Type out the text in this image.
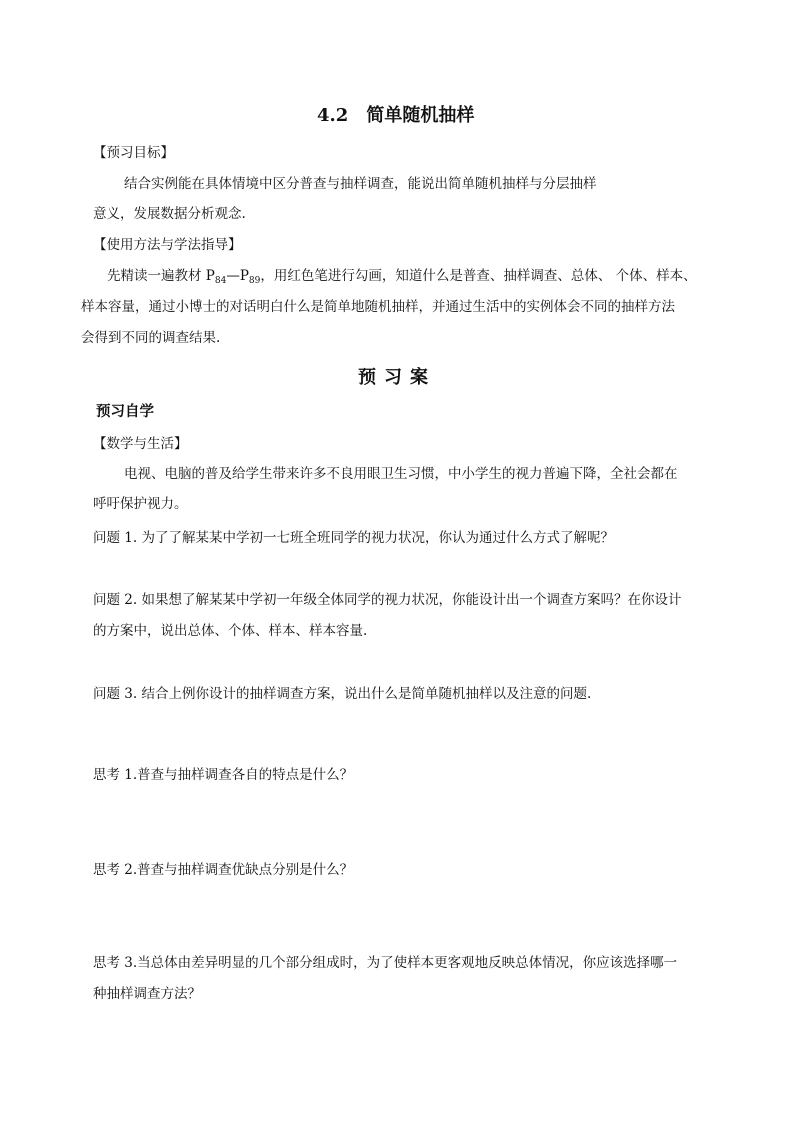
4.2　简单随机抽样
【预习目标】
结合实例能在具体情境中区分普查与抽样调查，能说出简单随机抽样与分层抽样
意义，发展数据分析观念.
【使用方法与学法指导】
先精读一遍教材 $P_{84}—P_{89}$，用红色笔进行勾画，知道什么是普查、抽样调查、总体、 个体、样本、
样本容量，通过小博士的对话明白什么是简单地随机抽样，并通过生活中的实例体会不同的抽样方法
会得到不同的调查结果.
预习案
预习自学
【数学与生活】
电视、电脑的普及给学生带来许多不良用眼卫生习惯，中小学生的视力普遍下降，全社会都在
呼吁保护视力。
问题 1. 为了了解某某中学初一七班全班同学的视力状况，你认为通过什么方式了解呢？
问题 2. 如果想了解某某中学初一年级全体同学的视力状况，你能设计出一个调查方案吗？在你设计
的方案中，说出总体、个体、样本、样本容量.
问题 3. 结合上例你设计的抽样调查方案，说出什么是简单随机抽样以及注意的问题.
思考 1.普查与抽样调查各自的特点是什么？
思考 2.普查与抽样调查优缺点分别是什么？
思考 3.当总体由差异明显的几个部分组成时，为了使样本更客观地反映总体情况，你应该选择哪一
种抽样调查方法？
